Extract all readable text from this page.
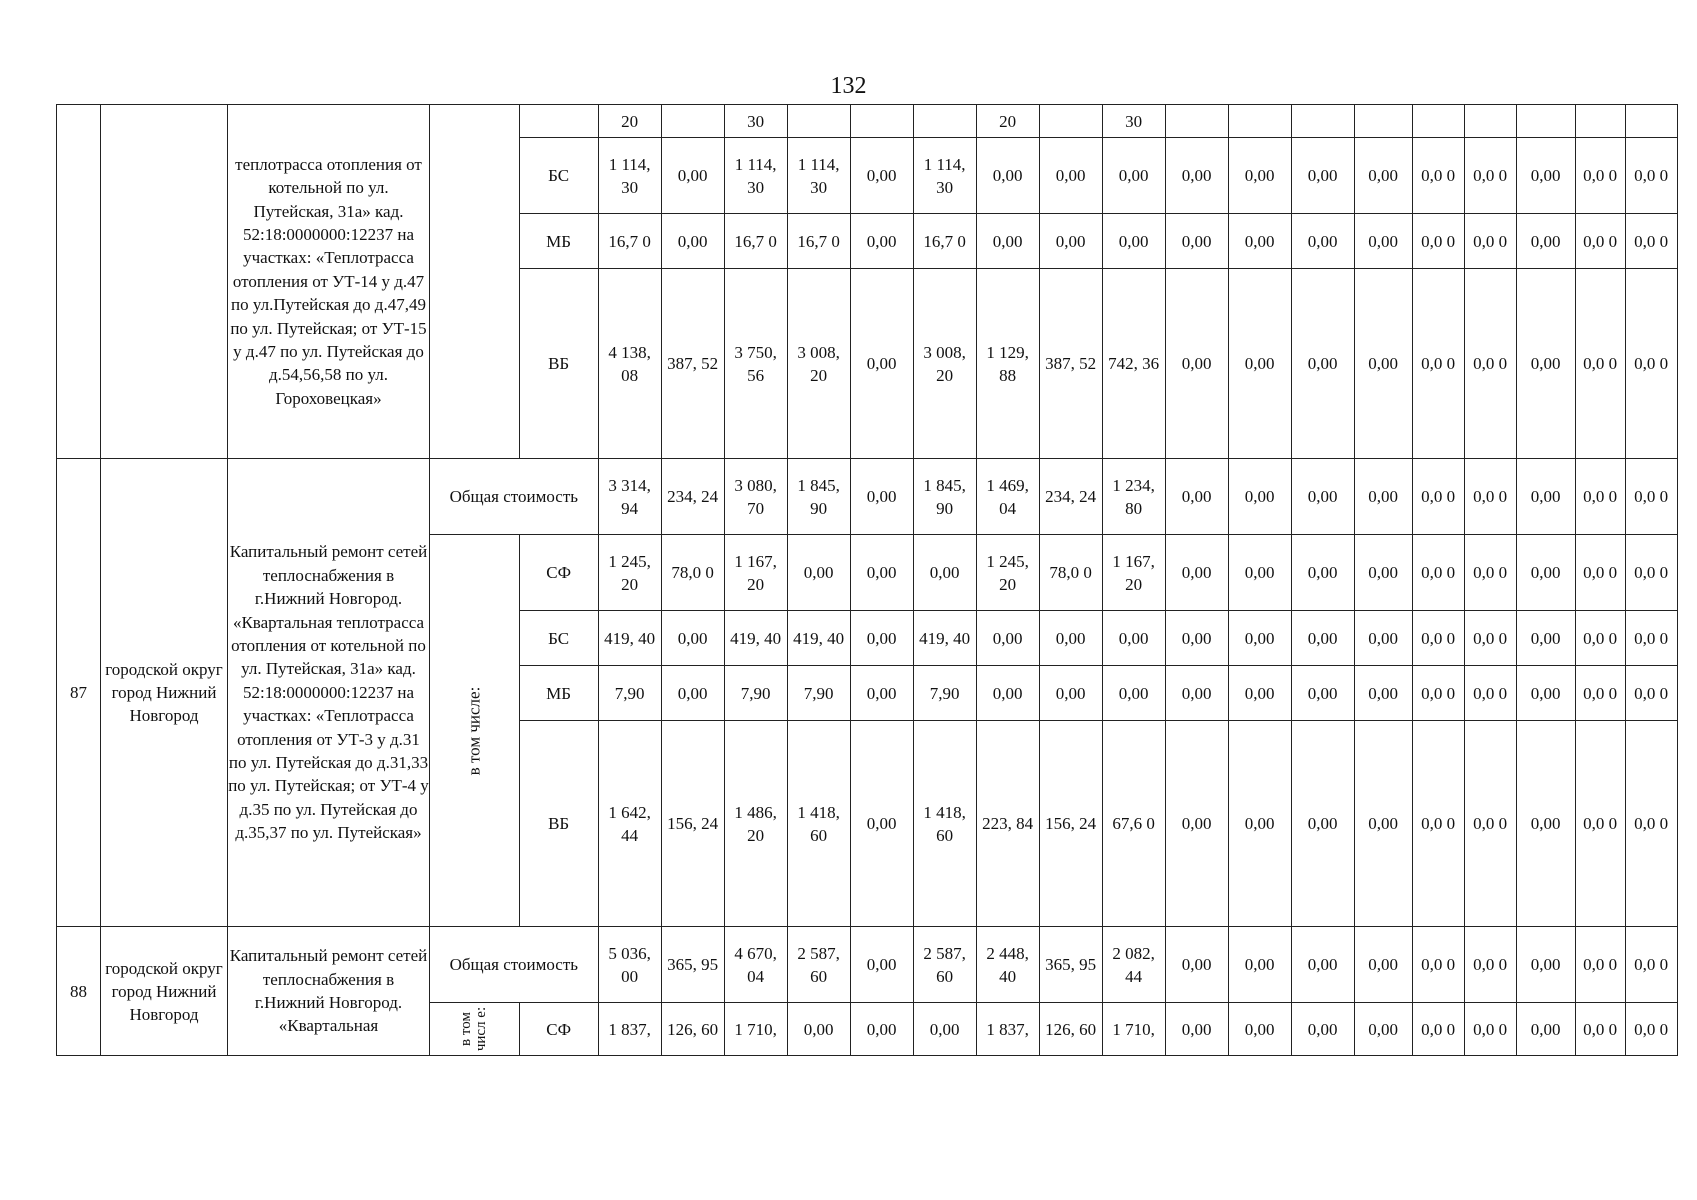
132
		теплотрасса отопления от котельной по ул. Путейская, 31а» кад. 52:18:0000000:12237 на участках: «Теплотрасса отопления от УТ-14 у д.47 по ул.Путейская до д.47,49 по ул. Путейская; от УТ-15 у д.47 по ул. Путейская до д.54,56,58 по ул. Гороховецкая»			20		30				20		30									
				БС	1 114, 30	0,00	1 114, 30	1 114, 30	0,00	1 114, 30	0,00	0,00	0,00	0,00	0,00	0,00	0,00	0,0 0	0,0 0	0,00	0,0 0	0,0 0
				МБ	16,7 0	0,00	16,7 0	16,7 0	0,00	16,7 0	0,00	0,00	0,00	0,00	0,00	0,00	0,00	0,0 0	0,0 0	0,00	0,0 0	0,0 0
				ВБ	4 138, 08	387, 52	3 750, 56	3 008, 20	0,00	3 008, 20	1 129, 88	387, 52	742, 36	0,00	0,00	0,00	0,00	0,0 0	0,0 0	0,00	0,0 0	0,0 0
87	городской округ город Нижний Новгород	Капитальный ремонт сетей теплоснабжения в г.Нижний Новгород. «Квартальная теплотрасса отопления от котельной по ул. Путейская, 31а» кад. 52:18:0000000:12237 на участках: «Теплотрасса отопления от УТ-3 у д.31 по ул. Путейская до д.31,33 по ул. Путейская; от УТ-4 у д.35 по ул. Путейская до д.35,37 по ул. Путейская»	Общая стоимость		3 314, 94	234, 24	3 080, 70	1 845, 90	0,00	1 845, 90	1 469, 04	234, 24	1 234, 80	0,00	0,00	0,00	0,00	0,0 0	0,0 0	0,00	0,0 0	0,0 0
			в том числе:	СФ	1 245, 20	78,0 0	1 167, 20	0,00	0,00	0,00	1 245, 20	78,0 0	1 167, 20	0,00	0,00	0,00	0,00	0,0 0	0,0 0	0,00	0,0 0	0,0 0
				БС	419, 40	0,00	419, 40	419, 40	0,00	419, 40	0,00	0,00	0,00	0,00	0,00	0,00	0,00	0,0 0	0,0 0	0,00	0,0 0	0,0 0
				МБ	7,90	0,00	7,90	7,90	0,00	7,90	0,00	0,00	0,00	0,00	0,00	0,00	0,00	0,0 0	0,0 0	0,00	0,0 0	0,0 0
				ВБ	1 642, 44	156, 24	1 486, 20	1 418, 60	0,00	1 418, 60	223, 84	156, 24	67,6 0	0,00	0,00	0,00	0,00	0,0 0	0,0 0	0,00	0,0 0	0,0 0
88	городской округ город Нижний Новгород	Капитальный ремонт сетей теплоснабжения в г.Нижний Новгород. «Квартальная	Общая стоимость		5 036, 00	365, 95	4 670, 04	2 587, 60	0,00	2 587, 60	2 448, 40	365, 95	2 082, 44	0,00	0,00	0,00	0,00	0,0 0	0,0 0	0,00	0,0 0	0,0 0
			в том числ е:	СФ	1 837,	126, 60	1 710,	0,00	0,00	0,00	1 837,	126, 60	1 710,	0,00	0,00	0,00	0,00	0,0 0	0,0 0	0,00	0,0 0	0,0 0
